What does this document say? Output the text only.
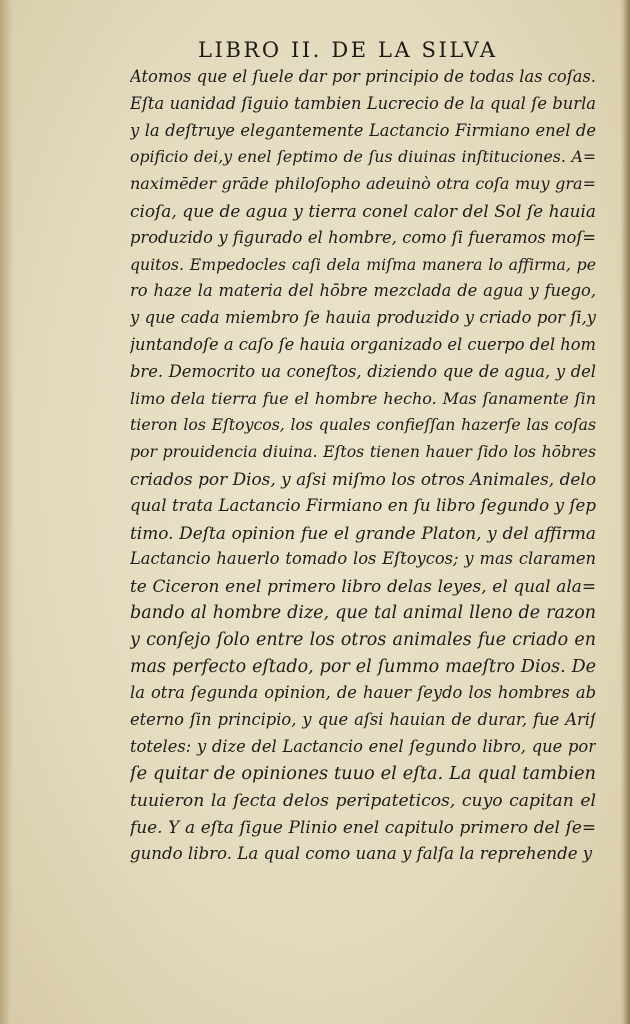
LIBRO II. DE LA SILVA
Atomos que el ſuele dar por principio de todas las coſas.
Eſta uanidad ſiguio tambien Lucrecio de la qual ſe burla
y la deſtruye elegantemente Lactancio Firmiano enel de
opificio dei,y enel ſeptimo de ſus diuinas inſtituciones. A=
naximēder grāde philoſopho adeuinò otra coſa muy gra=
cioſa, que de agua y tierra conel calor del Sol ſe hauia
produzido y figurado el hombre, como ſi fueramos moſ=
quitos. Empedocles caſi dela miſma manera lo affirma, pe
ro haze la materia del hōbre mezclada de agua y fuego,
y que cada miembro ſe hauia produzido y criado por ſi,y
juntandoſe a caſo ſe hauia organizado el cuerpo del hom
bre. Democrito ua coneſtos, diziendo que de agua, y del
limo dela tierra fue el hombre hecho. Mas ſanamente ſin
tieron los Eſtoycos, los quales confieſſan hazerſe las coſas
por prouidencia diuina. Eſtos tienen hauer ſido los hōbres
criados por Dios, y aſsi miſmo los otros Animales, delo
qual trata Lactancio Firmiano en ſu libro ſegundo y ſep
timo. Deſta opinion fue el grande Platon, y del affirma
Lactancio hauerlo tomado los Eſtoycos; y mas claramen
te Ciceron enel primero libro delas leyes, el qual ala=
bando al hombre dize, que tal animal lleno de razon
y conſejo ſolo entre los otros animales fue criado en
mas perfecto eſtado, por el ſummo maeſtro Dios. De
la otra ſegunda opinion, de hauer ſeydo los hombres ab
eterno ſin principio, y que aſsi hauian de durar, fue Ariſ
toteles: y dize del Lactancio enel ſegundo libro, que por
ſe quitar de opiniones tuuo el eſta. La qual tambien
tuuieron la ſecta delos peripateticos, cuyo capitan el
fue. Y a eſta ſigue Plinio enel capitulo primero del ſe=
gundo libro. La qual como uana y falſa la reprehende y
